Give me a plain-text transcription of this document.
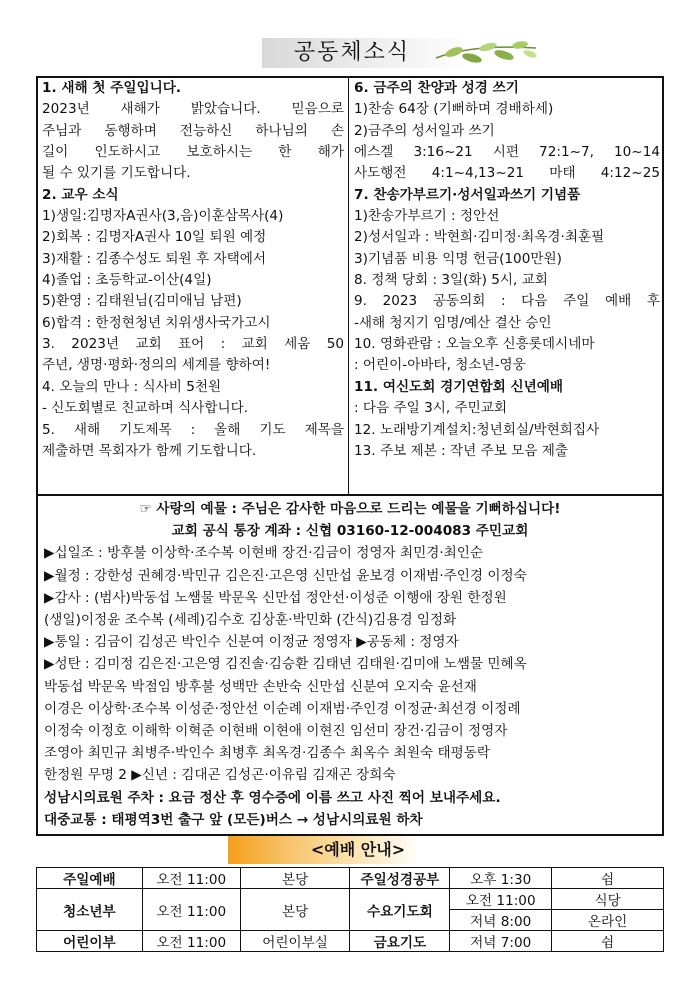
공동체소식
1. 새해 첫 주일입니다.
2023년 새해가 밝았습니다. 믿음으로
주님과 동행하며 전능하신 하나님의 손
길이 인도하시고 보호하시는 한 해가
될 수 있기를 기도합니다.
2. 교우 소식
1)생일:김명자A권사(3,음)이훈삼목사(4)
2)회복 : 김명자A권사 10일 퇴원 예정
3)재활 : 김종수성도 퇴원 후 자택에서
4)졸업 : 초등학교-이산(4일)
5)환영 : 김태원님(김미애님 남편)
6)합격 : 한정현청년 치위생사국가고시
3. 2023년 교회 표어 : 교회 세움 50
주년, 생명·평화·정의의 세계를 향하여!
4. 오늘의 만나 : 식사비 5천원
- 신도회별로 친교하며 식사합니다.
5. 새해 기도제목 : 올해 기도 제목을
제출하면 목회자가 함께 기도합니다.
6. 금주의 찬양과 성경 쓰기
1)찬송 64장 (기뻐하며 경배하세)
2)금주의 성서일과 쓰기
에스겔 3:16~21 시편 72:1~7, 10~14
사도행전 4:1~4,13~21 마태 4:12~25
7. 찬송가부르기·성서일과쓰기 기념품
1)찬송가부르기 : 정안선
2)성서일과 : 박현희·김미정·최옥경·최훈필
3)기념품 비용 익명 헌금(100만원)
8. 정책 당회 : 3일(화) 5시, 교회
9. 2023 공동의회 : 다음 주일 예배 후
-새해 청지기 임명/예산 결산 승인
10. 영화관람 : 오늘오후 신흥롯데시네마
: 어린이-아바타, 청소년-영웅
11. 여신도회 경기연합회 신년예배
: 다음 주일 3시, 주민교회
12. 노래방기계설치:청년회실/박현희집사
13. 주보 제본 : 작년 주보 모음 제출
☞ 사랑의 예물 : 주님은 감사한 마음으로 드리는 예물을 기뻐하십니다!
교회 공식 통장 계좌 : 신협 03160-12-004083 주민교회
▶십일조 : 방후불 이상학·조수복 이현배 장건·김금이 정영자 최민경·최인순
▶월정 : 강한성 권혜경·박민규 김은진·고은영 신만섭 윤보경 이재범·주인경 이정숙
▶감사 : (범사)박동섭 노쌤물 박문옥 신만섭 정안선·이성준 이행애 장원 한정원
(생일)이정윤 조수복 (세례)김수호 김상훈·박민화 (간식)김용경 임정화
▶통일 : 김금이 김성곤 박인수 신분여 이정균 정영자 ▶공동체 : 정영자
▶성탄 : 김미정 김은진·고은영 김진솔·김승환 김태년 김태원·김미애 노쌤물 민혜옥
박동섭 박문옥 박점임 방후불 성백만 손반숙 신만섭 신분여 오지숙 윤선재
이경은 이상학·조수복 이성준·정안선 이순례 이재범·주인경 이정균·최선경 이정례
이정숙 이정호 이해학 이혁준 이현배 이현애 이현진 임선미 장건·김금이 정영자
조영아 최민규 최병주·박인수 최병후 최옥경·김종수 최옥수 최원숙 태평동락
한정원 무명 2 ▶신년 : 김대곤 김성곤·이유림 김재곤 장희숙
성남시의료원 주차 : 요금 정산 후 영수증에 이름 쓰고 사진 찍어 보내주세요.
대중교통 : 태평역3번 출구 앞 (모든)버스 → 성남시의료원 하차
<예배 안내>
주일예배	오전 11:00	본당	주일성경공부	오후 1:30	쉼
청소년부	오전 11:00	본당	수요기도회	오전 11:00	식당
				저녁 8:00	온라인
어린이부	오전 11:00	어린이부실	금요기도	저녁 7:00	쉼
